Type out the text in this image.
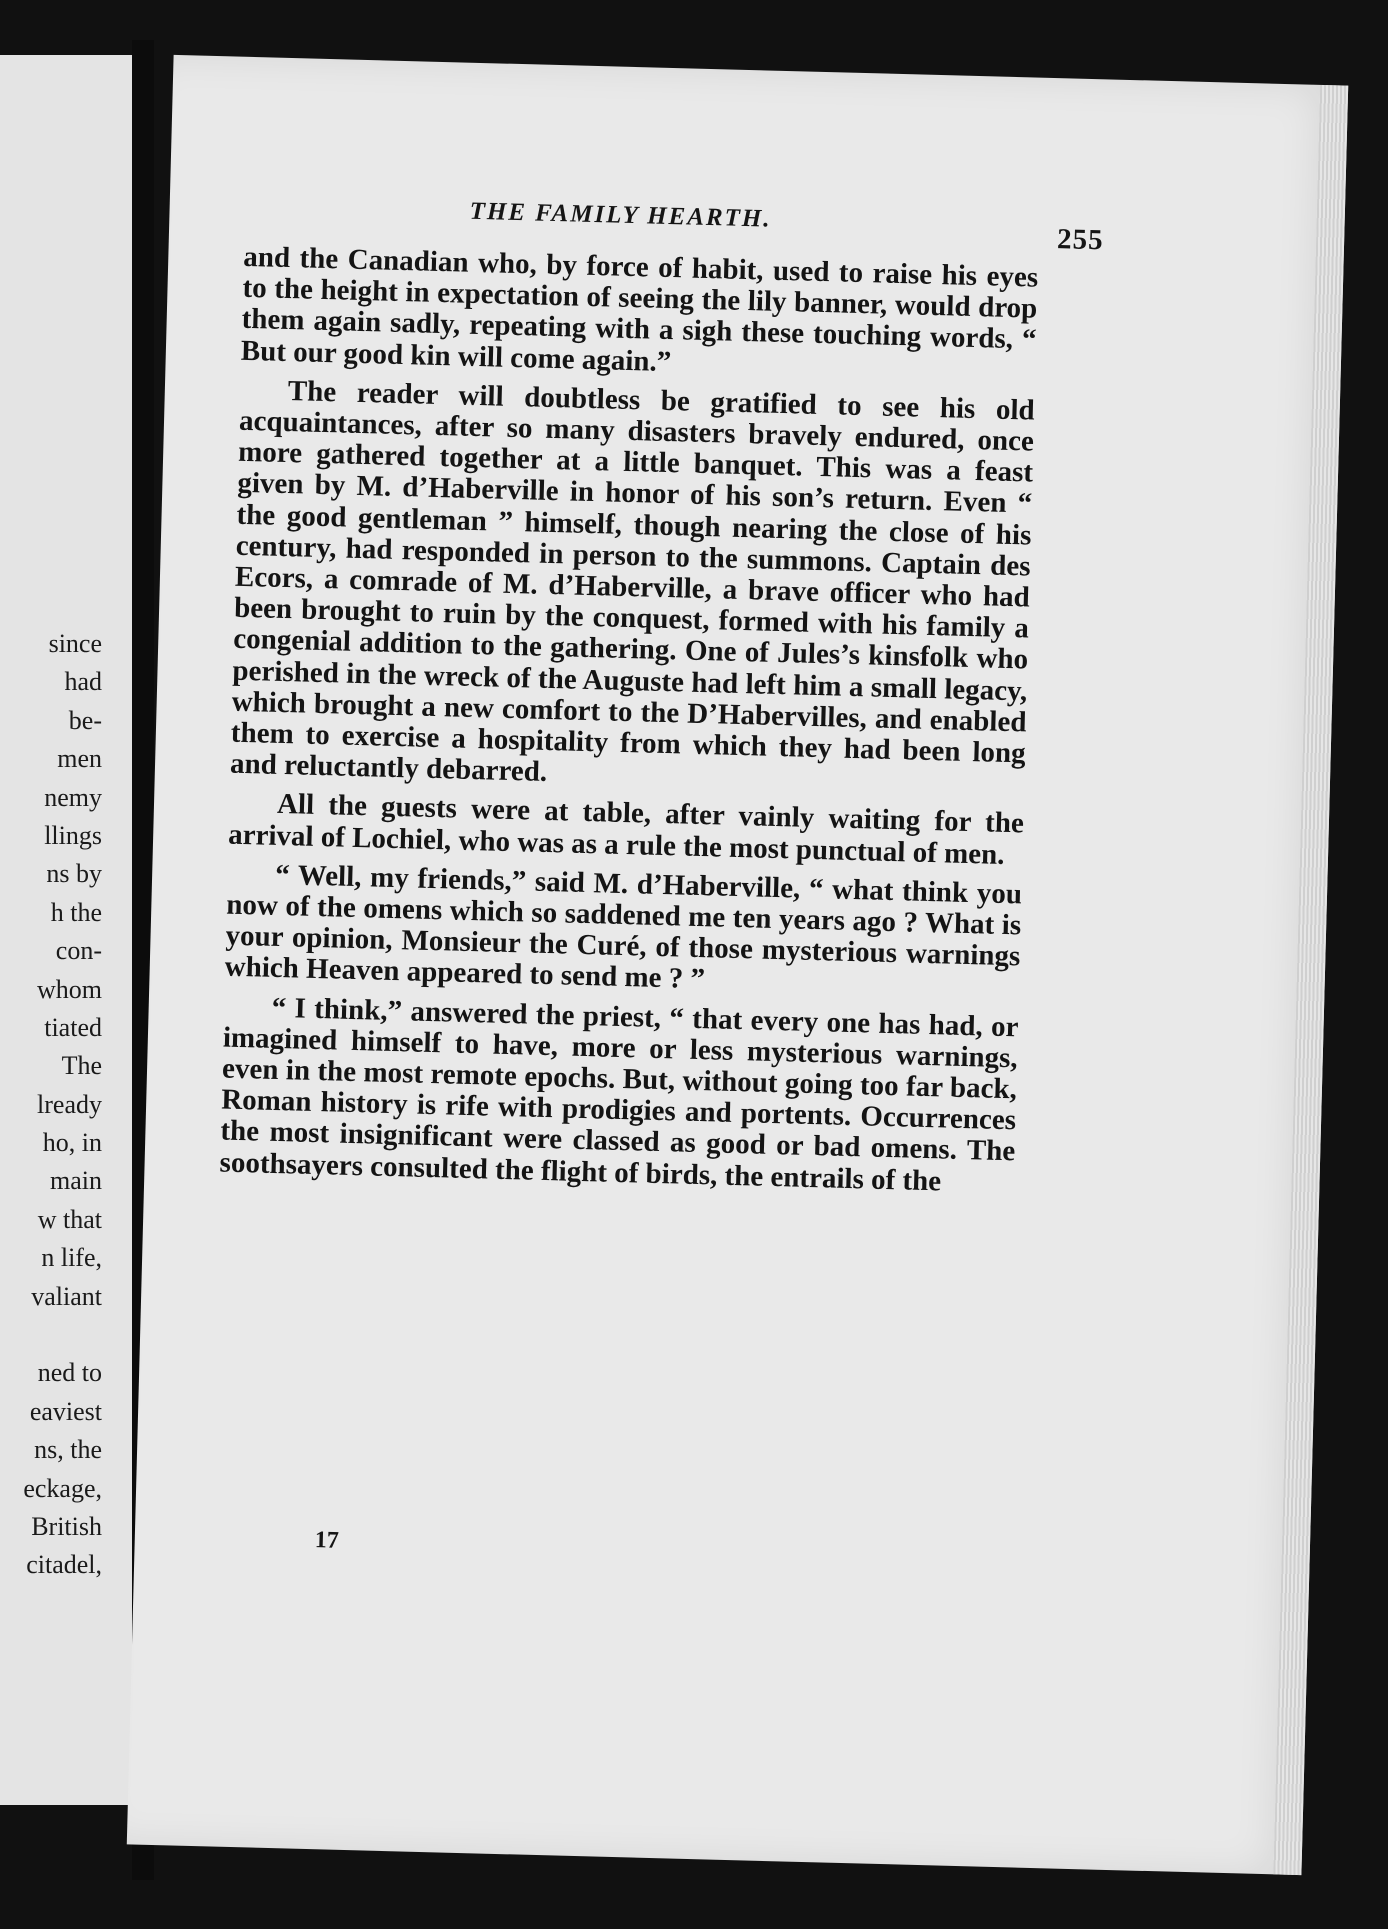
since
had
be-
men
nemy
llings
ns by
h the
con-
whom
tiated
The
lready
ho, in
main
w that
n life,
valiant
ned to
eaviest
ns, the
eckage,
British
citadel,
THE FAMILY HEARTH.
255

and the Canadian who, by force of habit, used to raise his eyes to the height in expectation of seeing the lily banner, would drop them again sadly, repeating with a sigh these touching words, “ But our good kin will come again.”

The reader will doubtless be gratified to see his old acquaintances, after so many disasters bravely endured, once more gathered together at a little banquet. This was a feast given by M. d’Haberville in honor of his son’s return. Even “ the good gentleman ” himself, though nearing the close of his century, had responded in person to the summons. Captain des Ecors, a comrade of M. d’Haberville, a brave officer who had been brought to ruin by the conquest, formed with his family a congenial addition to the gathering. One of Jules’s kinsfolk who perished in the wreck of the Auguste had left him a small legacy, which brought a new comfort to the D’Habervilles, and enabled them to exercise a hospitality from which they had been long and reluctantly debarred.

All the guests were at table, after vainly waiting for the arrival of Lochiel, who was as a rule the most punctual of men.

“ Well, my friends,” said M. d’Haberville, “ what think you now of the omens which so saddened me ten years ago ? What is your opinion, Monsieur the Curé, of those mysterious warnings which Heaven appeared to send me ? ”

“ I think,” answered the priest, “ that every one has had, or imagined himself to have, more or less mysterious warnings, even in the most remote epochs. But, without going too far back, Roman history is rife with prodigies and portents. Occurrences the most insignificant were classed as good or bad omens. The soothsayers consulted the flight of birds, the entrails of the

17
